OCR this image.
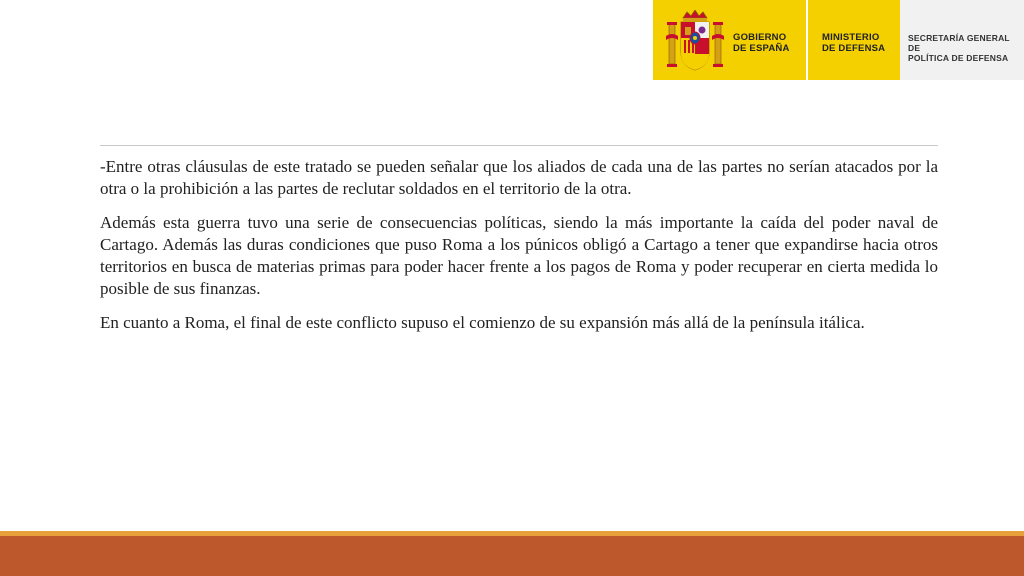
GOBIERNO
DE ESPAÑA
MINISTERIO
DE DEFENSA
SECRETARÍA GENERAL DE
POLÍTICA DE DEFENSA

-Entre otras cláusulas de este tratado se pueden señalar que los aliados de cada una de las partes no serían atacados por la otra o la prohibición a las partes de reclutar soldados en el territorio de la otra.

Además esta guerra tuvo una serie de consecuencias políticas, siendo la más importante la caída del poder naval de Cartago. Además las duras condiciones que puso Roma a los púnicos obligó a Cartago a tener que expandirse hacia otros territorios en busca de materias primas para poder hacer frente a los pagos de Roma y poder recuperar en cierta medida lo posible de sus finanzas.

En cuanto a Roma, el final de este conflicto supuso el comienzo de su expansión más allá de la península itálica.
